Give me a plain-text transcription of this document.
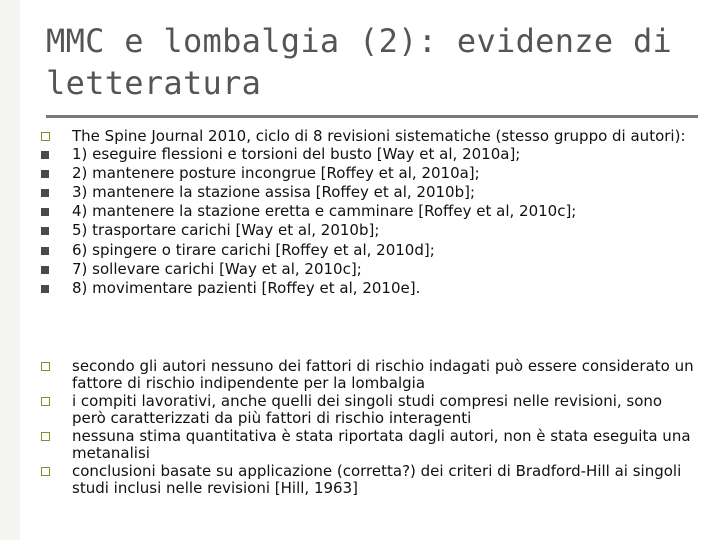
MMC e lombalgia (2): evidenze di letteratura
The Spine Journal 2010, ciclo di 8 revisioni sistematiche (stesso gruppo di autori):
1) eseguire flessioni e torsioni del busto [Way et al, 2010a];
2) mantenere posture incongrue [Roffey et al, 2010a];
3) mantenere la stazione assisa [Roffey et al, 2010b];
4) mantenere la stazione eretta e camminare [Roffey et al, 2010c];
5) trasportare carichi [Way et al, 2010b];
6) spingere o tirare carichi [Roffey et al, 2010d];
7) sollevare carichi [Way et al, 2010c];
8) movimentare pazienti [Roffey et al, 2010e].
secondo gli autori nessuno dei fattori di rischio indagati può essere considerato un fattore di rischio indipendente per la lombalgia
i compiti lavorativi, anche quelli dei singoli studi compresi nelle revisioni, sono però caratterizzati da più fattori di rischio interagenti
nessuna stima quantitativa è stata riportata dagli autori, non è stata eseguita una metanalisi
conclusioni basate su applicazione (corretta?) dei criteri di Bradford-Hill ai singoli studi inclusi nelle revisioni [Hill, 1963]
